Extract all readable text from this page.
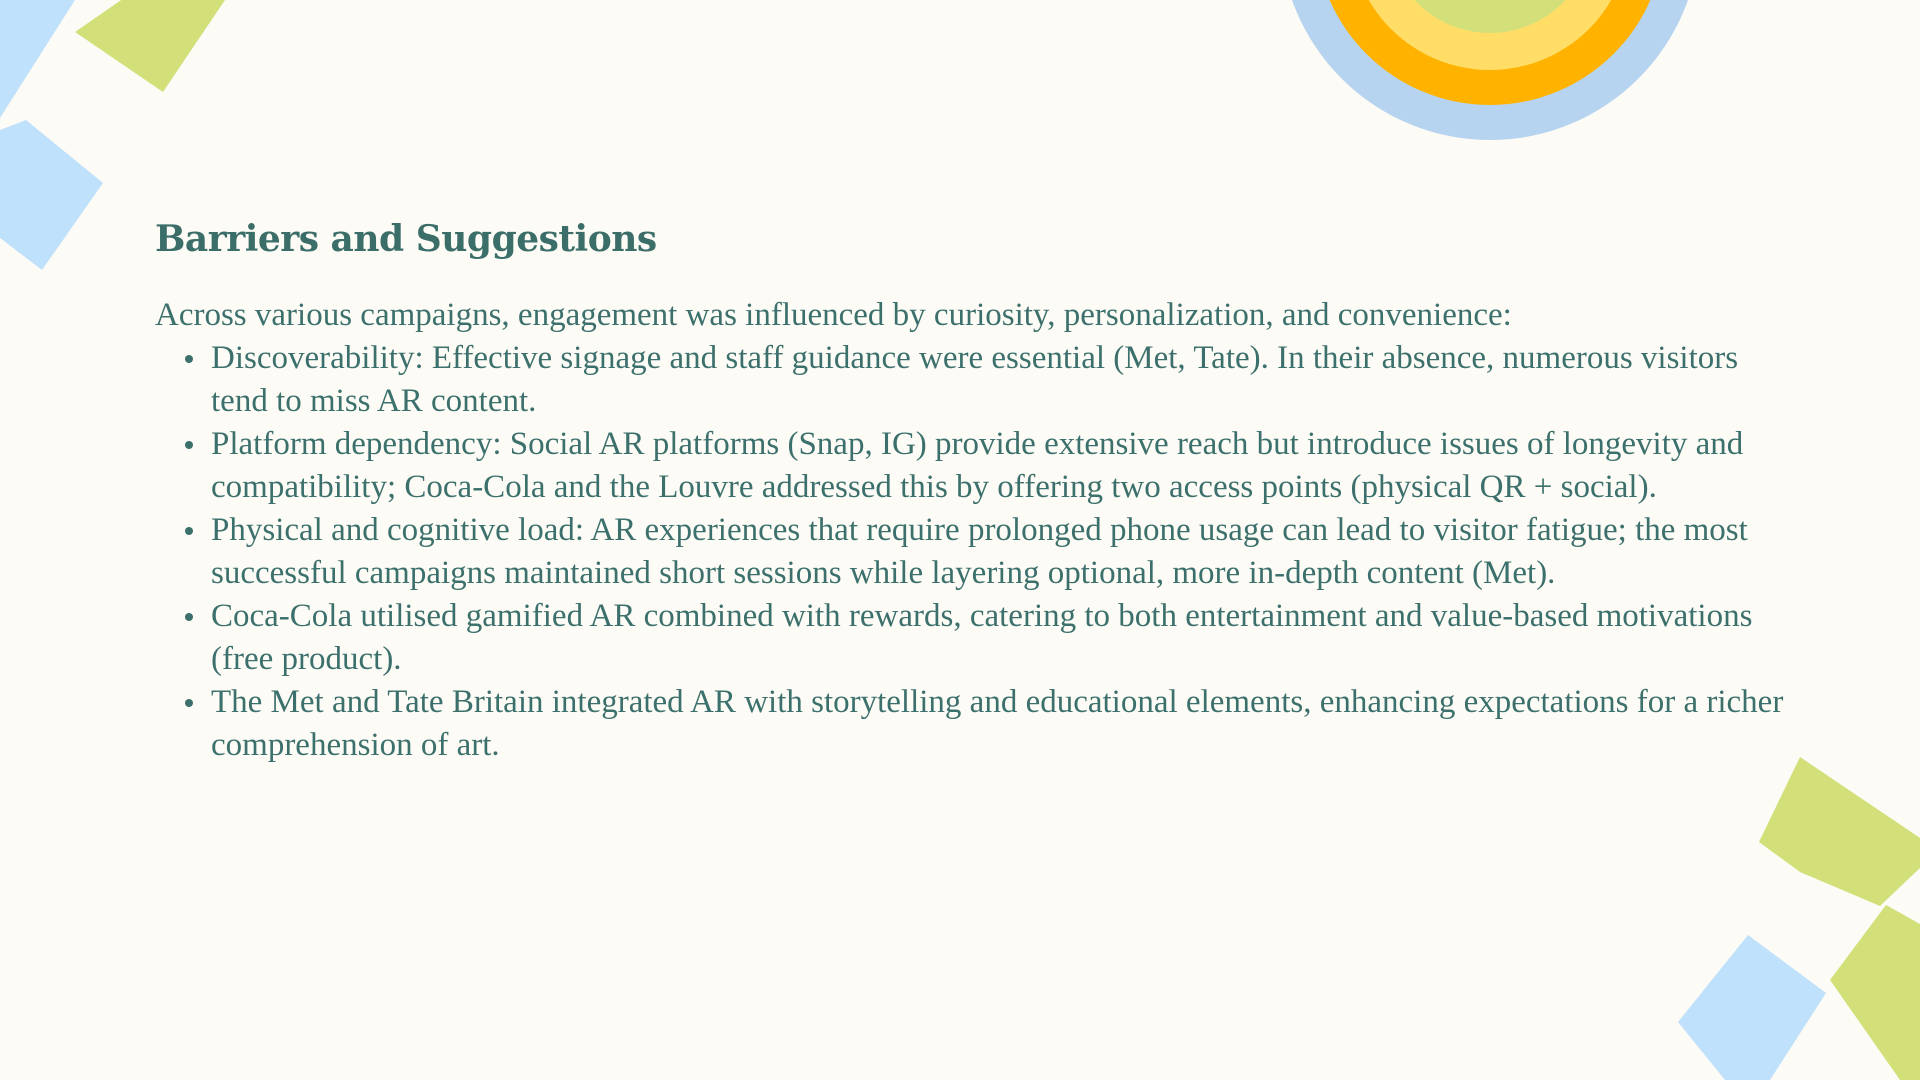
Barriers and Suggestions

Across various campaigns, engagement was influenced by curiosity, personalization, and convenience:

Discoverability: Effective signage and staff guidance were essential (Met, Tate). In their absence, numerous visitors tend to miss AR content.
Platform dependency: Social AR platforms (Snap, IG) provide extensive reach but introduce issues of longevity and compatibility; Coca-Cola and the Louvre addressed this by offering two access points (physical QR + social).
Physical and cognitive load: AR experiences that require prolonged phone usage can lead to visitor fatigue; the most successful campaigns maintained short sessions while layering optional, more in-depth content (Met).
Coca-Cola utilised gamified AR combined with rewards, catering to both entertainment and value-based motivations (free product).
The Met and Tate Britain integrated AR with storytelling and educational elements, enhancing expectations for a richer comprehension of art.
